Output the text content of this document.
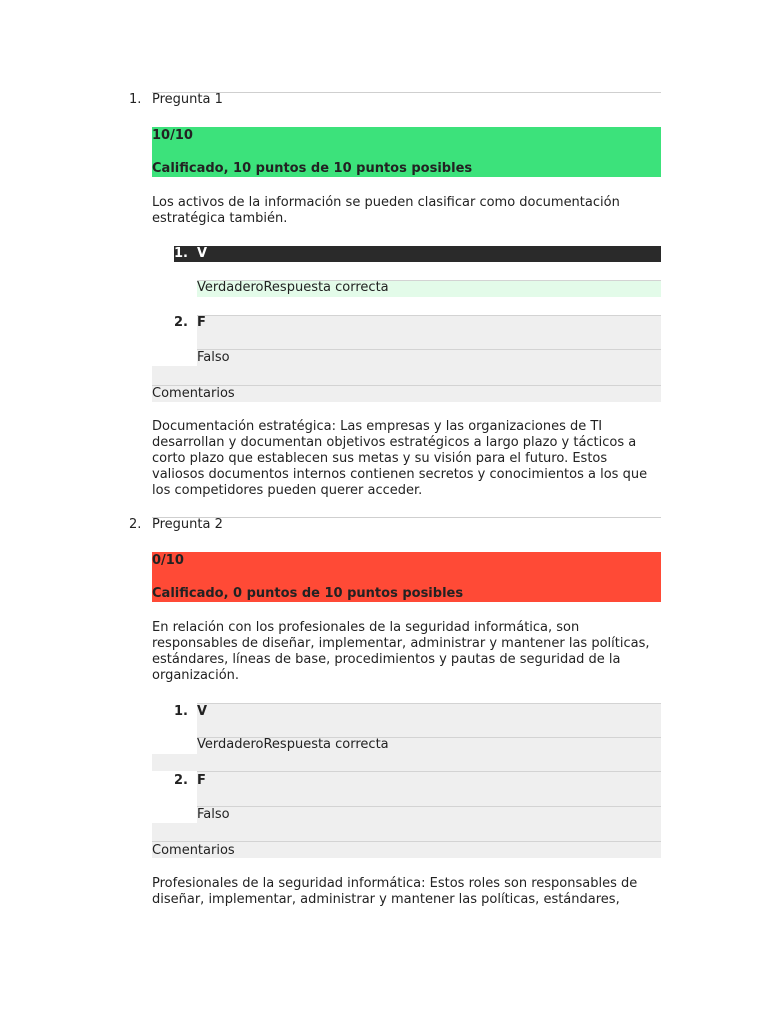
1. Pregunta 1
10/10
Calificado, 10 puntos de 10 puntos posibles
Los activos de la información se pueden clasificar como documentación estratégica también.
1. V
VerdaderoRespuesta correcta
2. F
Falso
Comentarios
Documentación estratégica: Las empresas y las organizaciones de TI desarrollan y documentan objetivos estratégicos a largo plazo y tácticos a corto plazo que establecen sus metas y su visión para el futuro. Estos valiosos documentos internos contienen secretos y conocimientos a los que los competidores pueden querer acceder.
2. Pregunta 2
0/10
Calificado, 0 puntos de 10 puntos posibles
En relación con los profesionales de la seguridad informática, son responsables de diseñar, implementar, administrar y mantener las políticas, estándares, líneas de base, procedimientos y pautas de seguridad de la organización.
1. V
VerdaderoRespuesta correcta
2. F
Falso
Comentarios
Profesionales de la seguridad informática: Estos roles son responsables de diseñar, implementar, administrar y mantener las políticas, estándares,
